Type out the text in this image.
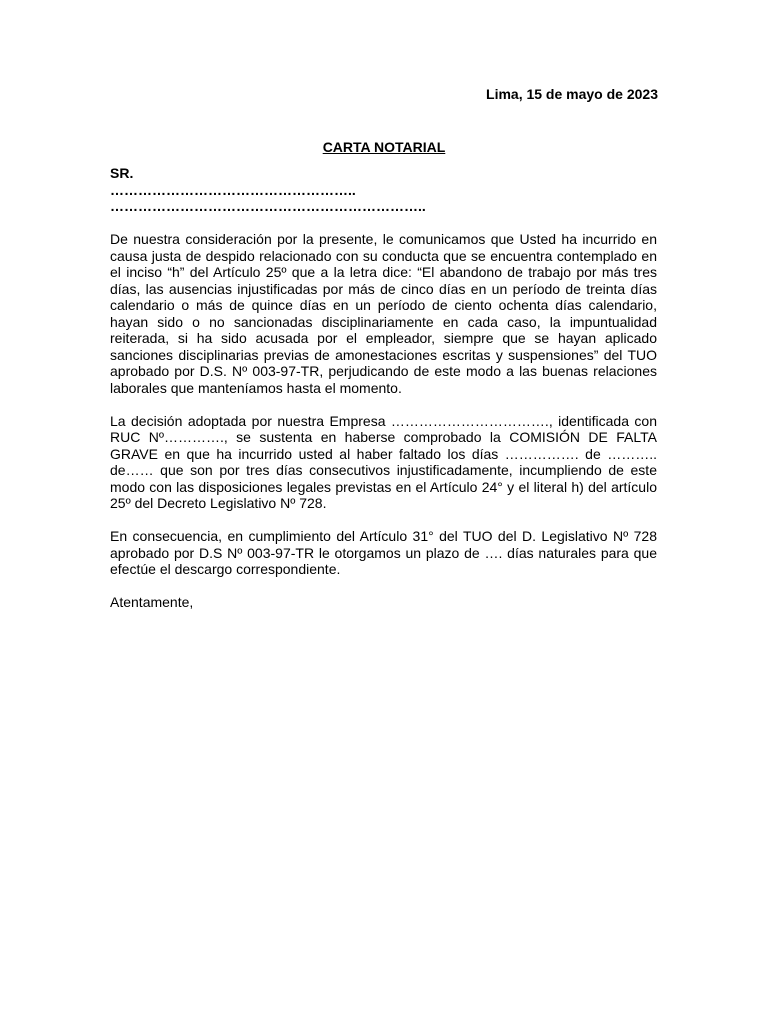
Lima, 15 de mayo de 2023
CARTA NOTARIAL
SR.
……………………………………………..
…………………………………………………………..

De nuestra consideración por la presente, le comunicamos que Usted ha incurrido en causa justa de despido relacionado con su conducta que se encuentra contemplado en el inciso “h” del Artículo 25º que a la letra dice: “El abandono de trabajo por más tres días, las ausencias injustificadas por más de cinco días en un período de treinta días calendario o más de quince días en un período de ciento ochenta días calendario, hayan sido o no sancionadas disciplinariamente en cada caso, la impuntualidad reiterada, si ha sido acusada por el empleador, siempre que se hayan aplicado sanciones disciplinarias previas de amonestaciones escritas y suspensiones” del TUO aprobado por D.S. Nº 003-97-TR, perjudicando de este modo a las buenas relaciones laborales que manteníamos hasta el momento.

La decisión adoptada por nuestra Empresa ……………………………., identificada con RUC Nº…………., se sustenta en haberse comprobado la COMISIÓN DE FALTA GRAVE en que ha incurrido usted al haber faltado los días ……………. de ……….. de…… que son por tres días consecutivos injustificadamente, incumpliendo de este modo con las disposiciones legales previstas en el Artículo 24° y el literal h) del artículo 25º del Decreto Legislativo Nº 728.

En consecuencia, en cumplimiento del Artículo 31° del TUO del D. Legislativo Nº 728 aprobado por D.S Nº 003-97-TR le otorgamos un plazo de …. días naturales para que efectúe el descargo correspondiente.

Atentamente,
